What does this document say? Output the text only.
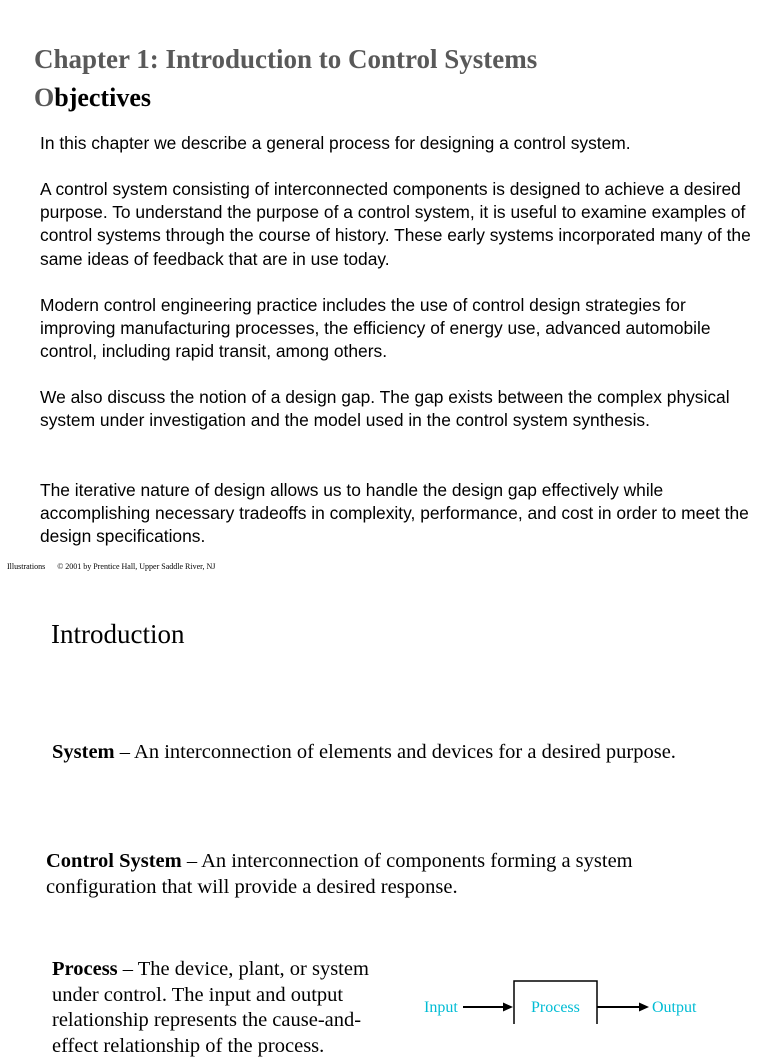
Chapter 1: Introduction to Control Systems
Objectives
In this chapter we describe a general process for designing a control system.
A control system consisting of interconnected components is designed to achieve a desired purpose. To understand the purpose of a control system, it is useful to examine examples of control systems through the course of history. These early systems incorporated many of the same ideas of feedback that are in use today.
Modern control engineering practice includes the use of control design strategies for improving manufacturing processes, the efficiency of energy use, advanced automobile control, including rapid transit, among others.
We also discuss the notion of a design gap. The gap exists between the complex physical system under investigation and the model used in the control system synthesis.
The iterative nature of design allows us to handle the design gap effectively while accomplishing necessary tradeoffs in complexity, performance, and cost in order to meet the design specifications.
Illustrations © 2001 by Prentice Hall, Upper Saddle River, NJ
Introduction
System – An interconnection of elements and devices for a desired purpose.
Control System – An interconnection of components forming a system configuration that will provide a desired response.
Process – The device, plant, or system under control. The input and output relationship represents the cause-and-effect relationship of the process.
Input	Process	Output
